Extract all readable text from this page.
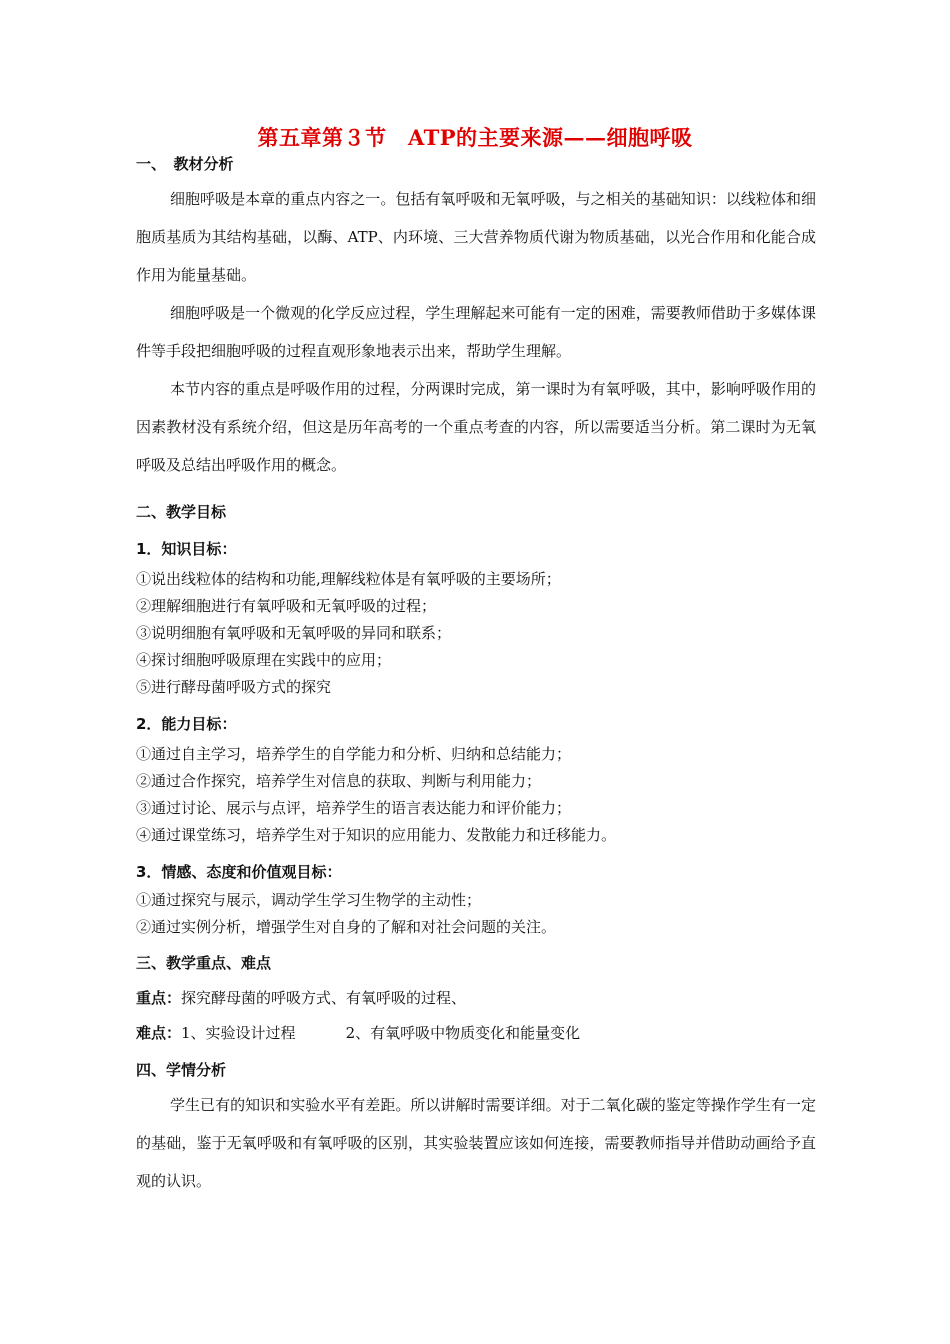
第五章第３节　ATP的主要来源——细胞呼吸
一、　教材分析

细胞呼吸是本章的重点内容之一。包括有氧呼吸和无氧呼吸，与之相关的基础知识：以线粒体和细胞质基质为其结构基础，以酶、ATP、内环境、三大营养物质代谢为物质基础，以光合作用和化能合成作用为能量基础。

细胞呼吸是一个微观的化学反应过程，学生理解起来可能有一定的困难，需要教师借助于多媒体课件等手段把细胞呼吸的过程直观形象地表示出来，帮助学生理解。

本节内容的重点是呼吸作用的过程，分两课时完成，第一课时为有氧呼吸，其中，影响呼吸作用的因素教材没有系统介绍，但这是历年高考的一个重点考查的内容，所以需要适当分析。第二课时为无氧呼吸及总结出呼吸作用的概念。

二、教学目标
1．知识目标：
①说出线粒体的结构和功能,理解线粒体是有氧呼吸的主要场所；
②理解细胞进行有氧呼吸和无氧呼吸的过程；
③说明细胞有氧呼吸和无氧呼吸的异同和联系；
④探讨细胞呼吸原理在实践中的应用；
⑤进行酵母菌呼吸方式的探究
2．能力目标：
①通过自主学习，培养学生的自学能力和分析、归纳和总结能力；
②通过合作探究，培养学生对信息的获取、判断与利用能力；
③通过讨论、展示与点评，培养学生的语言表达能力和评价能力；
④通过课堂练习，培养学生对于知识的应用能力、发散能力和迁移能力。
3．情感、态度和价值观目标：
①通过探究与展示，调动学生学习生物学的主动性；
②通过实例分析，增强学生对自身的了解和对社会问题的关注。
三、教学重点、难点
重点：探究酵母菌的呼吸方式、有氧呼吸的过程、
难点：1、实验设计过程	2、有氧呼吸中物质变化和能量变化
四、学情分析

学生已有的知识和实验水平有差距。所以讲解时需要详细。对于二氧化碳的鉴定等操作学生有一定的基础，鉴于无氧呼吸和有氧呼吸的区别，其实验装置应该如何连接，需要教师指导并借助动画给予直观的认识。
